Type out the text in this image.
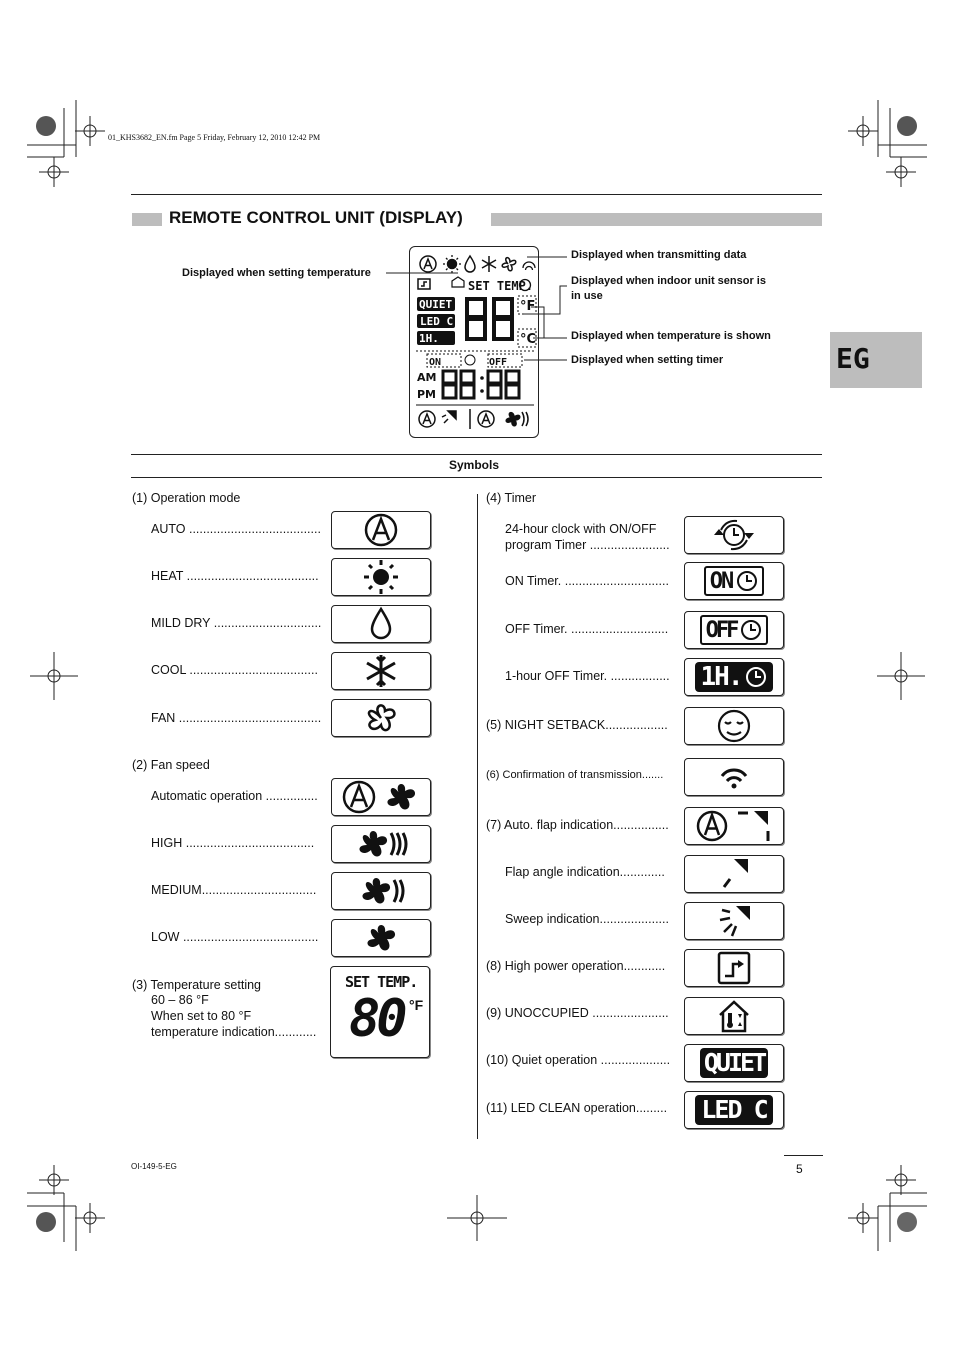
01_KHS3682_EN.fm Page 5 Friday, February 12, 2010 12:42 PM
REMOTE CONTROL UNIT (DISPLAY)
EG
SET TEMP.
°F
°C
QUIET
LED C
1H.
ON	OFF
AM
PM
Displayed when setting temperature
Displayed when transmitting data
Displayed when indoor unit sensor is
in use
Displayed when temperature is shown
Displayed when setting timer
Symbols
(1) Operation mode
AUTO ......................................
HEAT ......................................
MILD DRY ...............................
COOL .....................................
FAN .........................................
(2) Fan speed
Automatic operation ...............
HIGH .....................................
MEDIUM.................................
LOW .......................................
(3) Temperature setting
60 – 86 °F
When set to 80 °F
temperature indication............
SET TEMP.
80 °F
(4) Timer
24-hour clock with ON/OFF
program Timer .......................
ON Timer. ..............................	ON
OFF Timer. ............................	OFF
1-hour OFF Timer. ................. 1H.
(5) NIGHT SETBACK..................
(6) Confirmation of transmission.......
(7) Auto. flap indication................
Flap angle indication.............
Sweep indication....................
(8) High power operation............
(9) UNOCCUPIED ......................
(10) Quiet operation .................... QUIET
(11) LED CLEAN operation.........	LED C
OI-149-5-EG	5
